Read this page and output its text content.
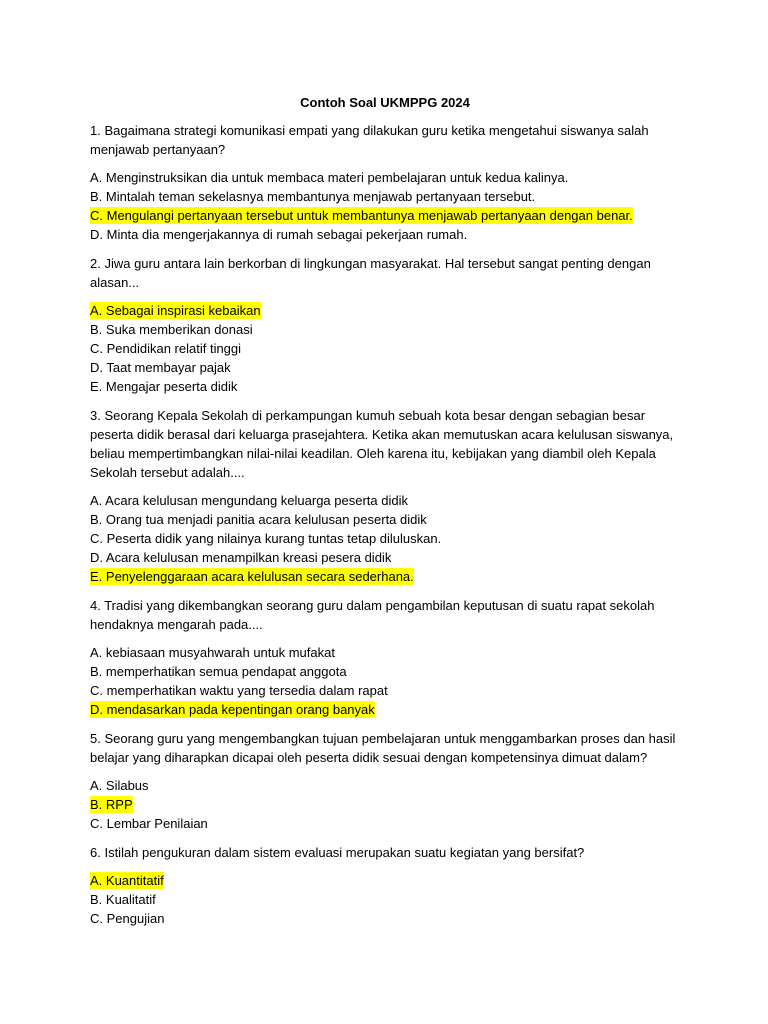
Contoh Soal UKMPPG 2024

1. Bagaimana strategi komunikasi empati yang dilakukan guru ketika mengetahui siswanya salah menjawab pertanyaan?

A. Menginstruksikan dia untuk membaca materi pembelajaran untuk kedua kalinya.
B. Mintalah teman sekelasnya membantunya menjawab pertanyaan tersebut.
C. Mengulangi pertanyaan tersebut untuk membantunya menjawab pertanyaan dengan benar.
D. Minta dia mengerjakannya di rumah sebagai pekerjaan rumah.

2. Jiwa guru antara lain berkorban di lingkungan masyarakat. Hal tersebut sangat penting dengan alasan...

A. Sebagai inspirasi kebaikan
B. Suka memberikan donasi
C. Pendidikan relatif tinggi
D. Taat membayar pajak
E. Mengajar peserta didik

3. Seorang Kepala Sekolah di perkampungan kumuh sebuah kota besar dengan sebagian besar peserta didik berasal dari keluarga prasejahtera. Ketika akan memutuskan acara kelulusan siswanya, beliau mempertimbangkan nilai-nilai keadilan. Oleh karena itu, kebijakan yang diambil oleh Kepala Sekolah tersebut adalah....

A. Acara kelulusan mengundang keluarga peserta didik
B. Orang tua menjadi panitia acara kelulusan peserta didik
C. Peserta didik yang nilainya kurang tuntas tetap diluluskan.
D. Acara kelulusan menampilkan kreasi pesera didik
E. Penyelenggaraan acara kelulusan secara sederhana.

4. Tradisi yang dikembangkan seorang guru dalam pengambilan keputusan di suatu rapat sekolah hendaknya mengarah pada....

A. kebiasaan musyahwarah untuk mufakat
B. memperhatikan semua pendapat anggota
C. memperhatikan waktu yang tersedia dalam rapat
D. mendasarkan pada kepentingan orang banyak

5. Seorang guru yang mengembangkan tujuan pembelajaran untuk menggambarkan proses dan hasil belajar yang diharapkan dicapai oleh peserta didik sesuai dengan kompetensinya dimuat dalam?

A. Silabus
B. RPP
C. Lembar Penilaian

6. Istilah pengukuran dalam sistem evaluasi merupakan suatu kegiatan yang bersifat?

A. Kuantitatif
B. Kualitatif
C. Pengujian
